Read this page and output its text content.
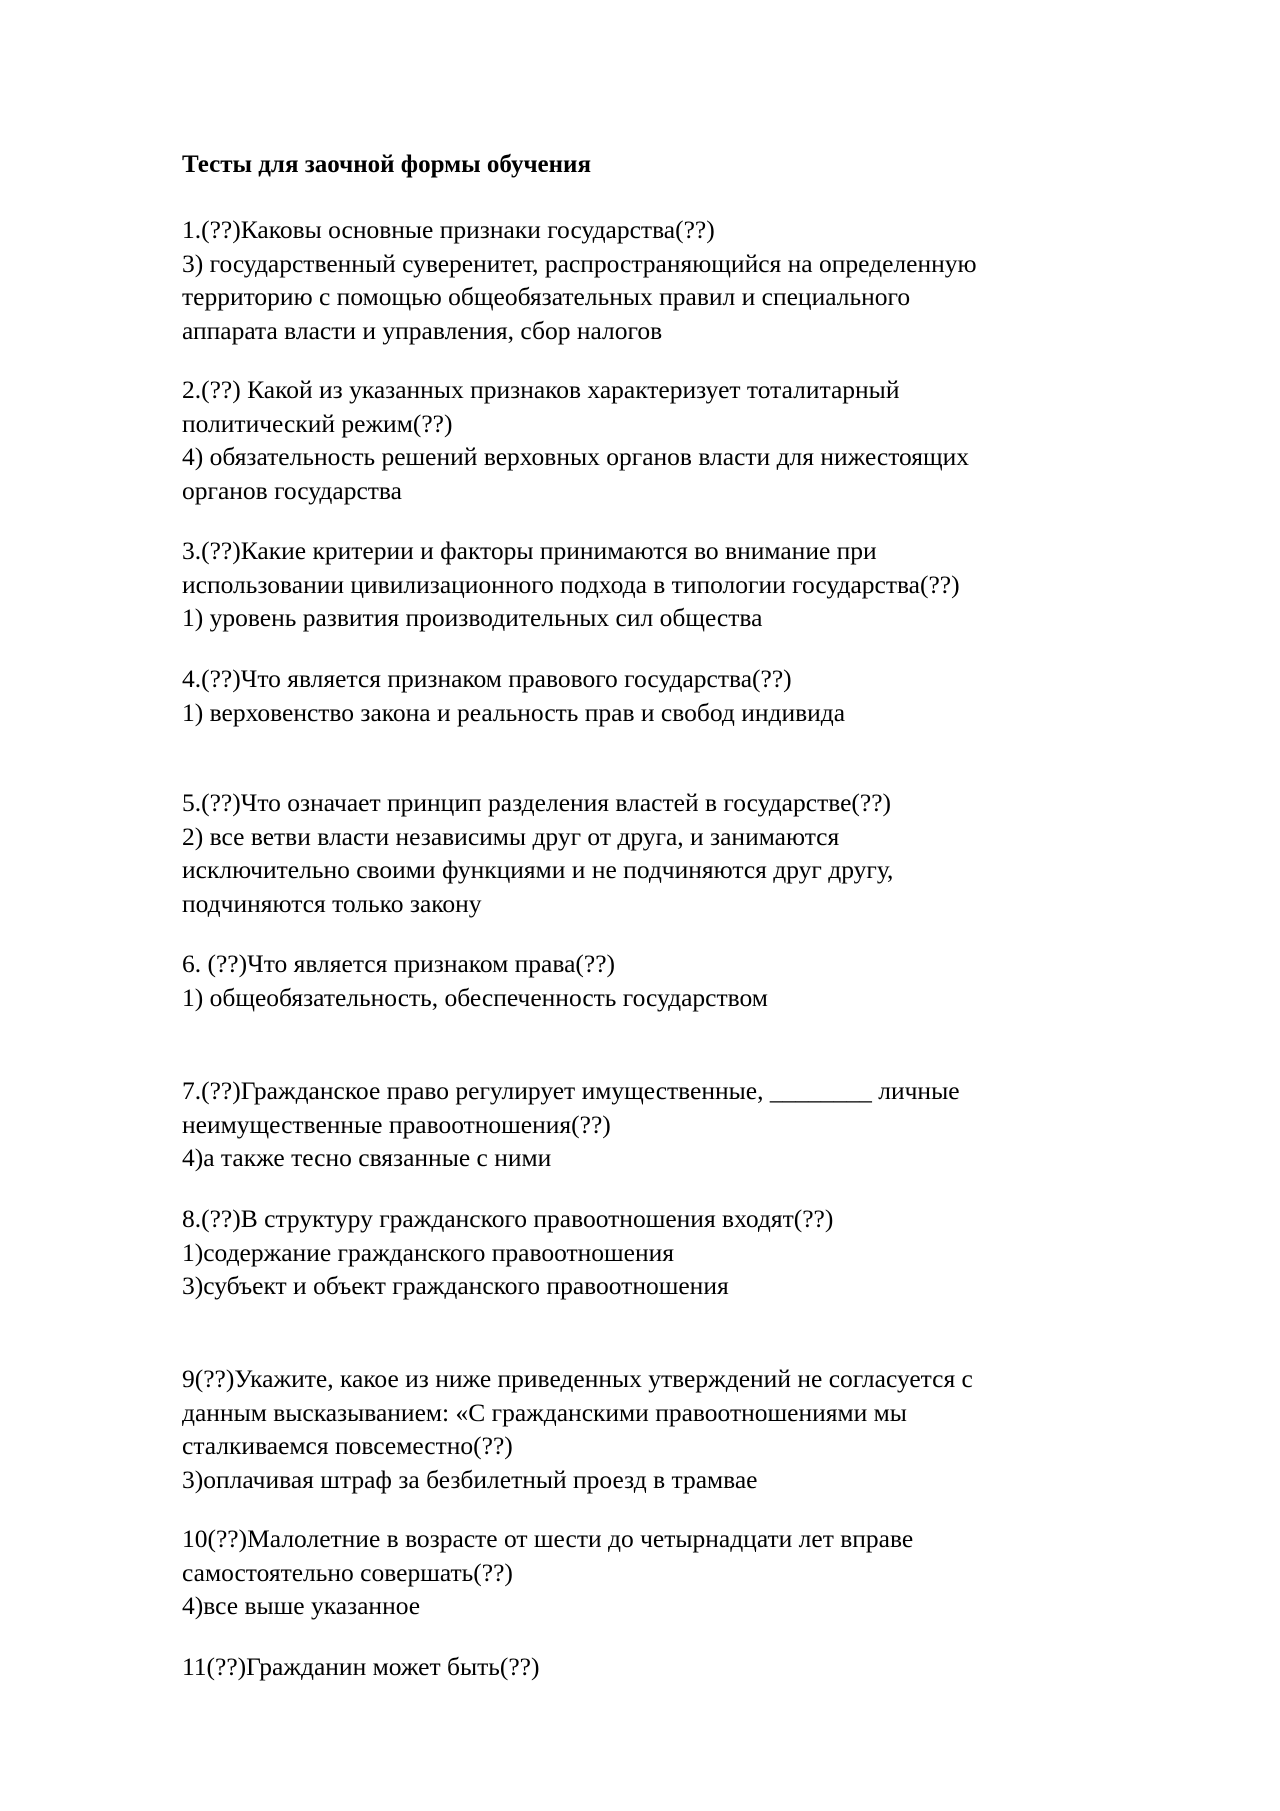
Тесты для заочной формы обучения
1.(??)Каковы основные признаки государства(??)
3) государственный суверенитет, распространяющийся на определенную
территорию с помощью общеобязательных правил и специального
аппарата власти и управления, сбор налогов
2.(??) Какой из указанных признаков характеризует тоталитарный
политический режим(??)
4) обязательность решений верховных органов власти для нижестоящих
органов государства
3.(??)Какие критерии и факторы принимаются во внимание при
использовании цивилизационного подхода в типологии государства(??)
1) уровень развития производительных сил общества
4.(??)Что является признаком правового государства(??)
1) верховенство закона и реальность прав и свобод индивида
5.(??)Что означает принцип разделения властей в государстве(??)
2) все ветви власти независимы друг от друга, и занимаются
исключительно своими функциями и не подчиняются друг другу,
подчиняются только закону
6. (??)Что является признаком права(??)
1) общеобязательность, обеспеченность государством
7.(??)Гражданское право регулирует имущественные, ________ личные
неимущественные правоотношения(??)
4)а также тесно связанные с ними
8.(??)В структуру гражданского правоотношения входят(??)
1)содержание гражданского правоотношения
3)субъект и объект гражданского правоотношения
9(??)Укажите, какое из ниже приведенных утверждений не согласуется с
данным высказыванием: «С гражданскими правоотношениями мы
сталкиваемся повсеместно(??)
3)оплачивая штраф за безбилетный проезд в трамвае
10(??)Малолетние в возрасте от шести до четырнадцати лет вправе
самостоятельно совершать(??)
4)все выше указанное
11(??)Гражданин может быть(??)
